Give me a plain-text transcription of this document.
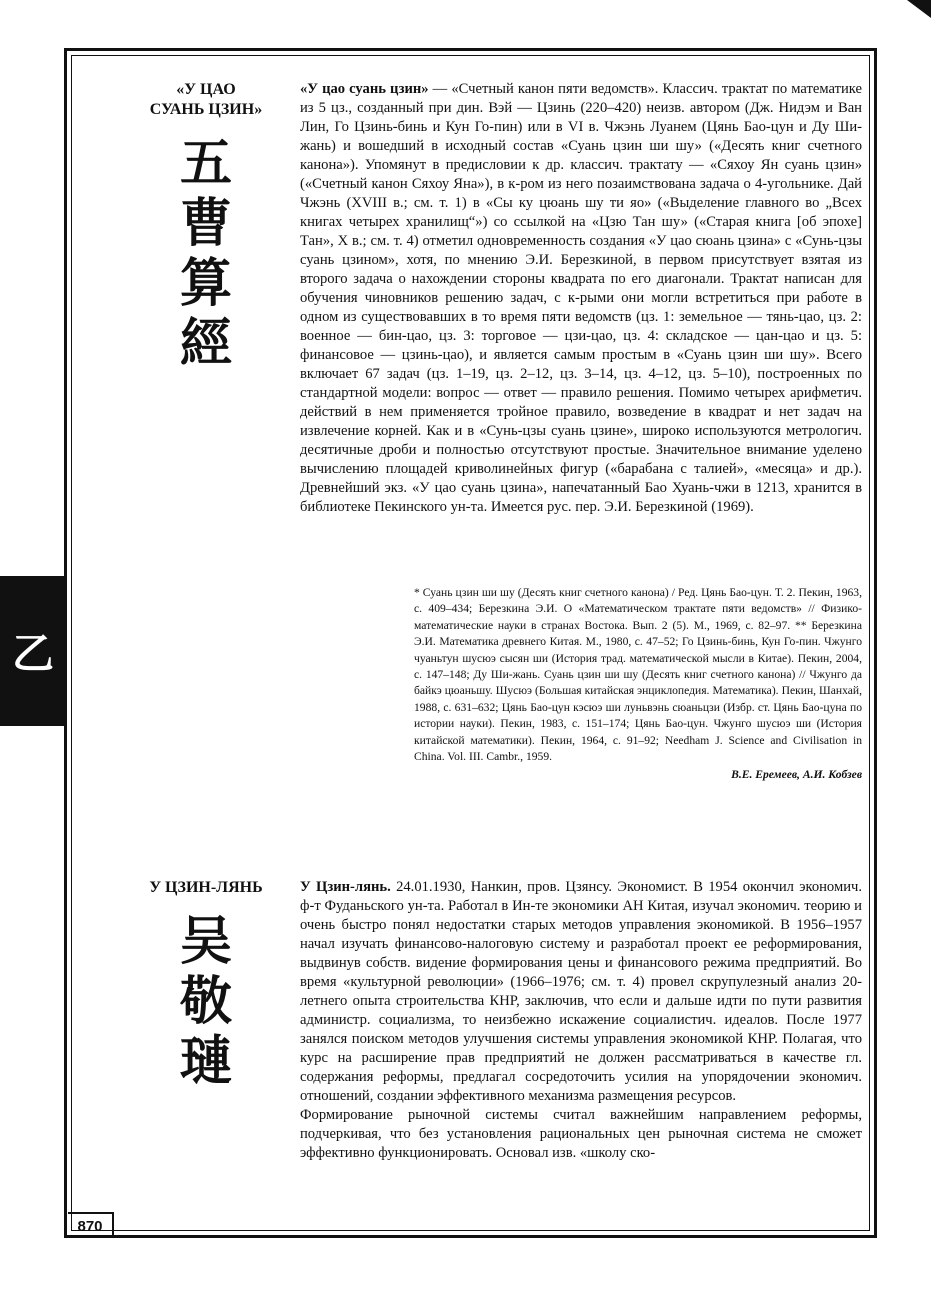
乙
«У ЦАО
СУАНЬ ЦЗИН»
五
曹
算
經

«У цао суань цзин» — «Счетный канон пяти ведомств». Классич. трактат по математике из 5 цз., созданный при дин. Вэй — Цзинь (220–420) неизв. автором (Дж. Нидэм и Ван Лин, Го Цзинь-бинь и Кун Го-пин) или в VI в. Чжэнь Луанем (Цянь Бао-цун и Ду Ши-жань) и вошедший в исходный состав «Суань цзин ши шу» («Десять книг счетного канона»). Упомянут в предисловии к др. классич. трактату — «Сяхоу Ян суань цзин» («Счетный канон Сяхоу Яна»), в к-ром из него позаимствована задача о 4-угольнике. Дай Чжэнь (XVIII в.; см. т. 1) в «Сы ку цюань шу ти яо» («Выделение главного во „Всех книгах четырех хранилищ“») со ссылкой на «Цзю Тан шу» («Старая книга [об эпохе] Тан», X в.; см. т. 4) отметил одновременность создания «У цао сюань цзина» с «Сунь-цзы суань цзином», хотя, по мнению Э.И. Березкиной, в первом присутствует взятая из второго задача о нахождении стороны квадрата по его диагонали. Трактат написан для обучения чиновников решению задач, с к-рыми они могли встретиться при работе в одном из существовавших в то время пяти ведомств (цз. 1: земельное — тянь-цао, цз. 2: военное — бин-цао, цз. 3: торговое — цзи-цао, цз. 4: складское — цан-цао и цз. 5: финансовое — цзинь-цао), и является самым простым в «Суань цзин ши шу». Всего включает 67 задач (цз. 1–19, цз. 2–12, цз. 3–14, цз. 4–12, цз. 5–10), построенных по стандартной модели: вопрос — ответ — правило решения. Помимо четырех арифметич. действий в нем применяется тройное правило, возведение в квадрат и нет задач на извлечение корней. Как и в «Сунь-цзы суань цзине», широко используются метрологич. десятичные дроби и полностью отсутствуют простые. Значительное внимание уделено вычислению площадей криволинейных фигур («барабана с талией», «месяца» и др.). Древнейший экз. «У цао суань цзина», напечатанный Бао Хуань-чжи в 1213, хранится в библиотеке Пекинского ун-та. Имеется рус. пер. Э.И. Березкиной (1969).

* Суань цзин ши шу (Десять книг счетного канона) / Ред. Цянь Бао-цун. Т. 2. Пекин, 1963, с. 409–434; Березкина Э.И. О «Математическом трактате пяти ведомств» // Физико-математические науки в странах Востока. Вып. 2 (5). М., 1969, с. 82–97. ** Березкина Э.И. Математика древнего Китая. М., 1980, с. 47–52; Го Цзинь-бинь, Кун Го-пин. Чжунго чуаньтун шусюэ сысян ши (История трад. математической мысли в Китае). Пекин, 2004, с. 147–148; Ду Ши-жань. Суань цзин ши шу (Десять книг счетного канона) // Чжунго да байкэ цюаньшу. Шусюэ (Большая китайская энциклопедия. Математика). Пекин, Шанхай, 1988, с. 631–632; Цянь Бао-цун кэсюэ ши луньвэнь сюаньцзи (Избр. ст. Цянь Бао-цуна по истории науки). Пекин, 1983, с. 151–174; Цянь Бао-цун. Чжунго шусюэ ши (История китайской математики). Пекин, 1964, с. 91–92; Needham J. Science and Civilisation in China. Vol. III. Cambr., 1959.
В.Е. Еремеев, А.И. Кобзев
У ЦЗИН-ЛЯНЬ
吴
敬
璉

У Цзин-лянь. 24.01.1930, Нанкин, пров. Цзянсу. Экономист. В 1954 окончил экономич. ф-т Фуданьского ун-та. Работал в Ин-те экономики АН Китая, изучал экономич. теорию и очень быстро понял недостатки старых методов управления экономикой. В 1956–1957 начал изучать финансово-налоговую систему и разработал проект ее реформирования, выдвинув собств. видение формирования цены и финансового режима предприятий. Во время «культурной революции» (1966–1976; см. т. 4) провел скрупулезный анализ 20-летнего опыта строительства КНР, заключив, что если и дальше идти по пути развития администр. социализма, то неизбежно искажение социалистич. идеалов. После 1977 занялся поиском методов улучшения системы управления экономикой КНР. Полагая, что курс на расширение прав предприятий не должен рассматриваться в качестве гл. содержания реформы, предлагал сосредоточить усилия на упорядочении экономич. отношений, создании эффективного механизма размещения ресурсов.

Формирование рыночной системы считал важнейшим направлением реформы, подчеркивая, что без установления рациональных цен рыночная система не сможет эффективно функционировать. Основал изв. «школу ско-

870
